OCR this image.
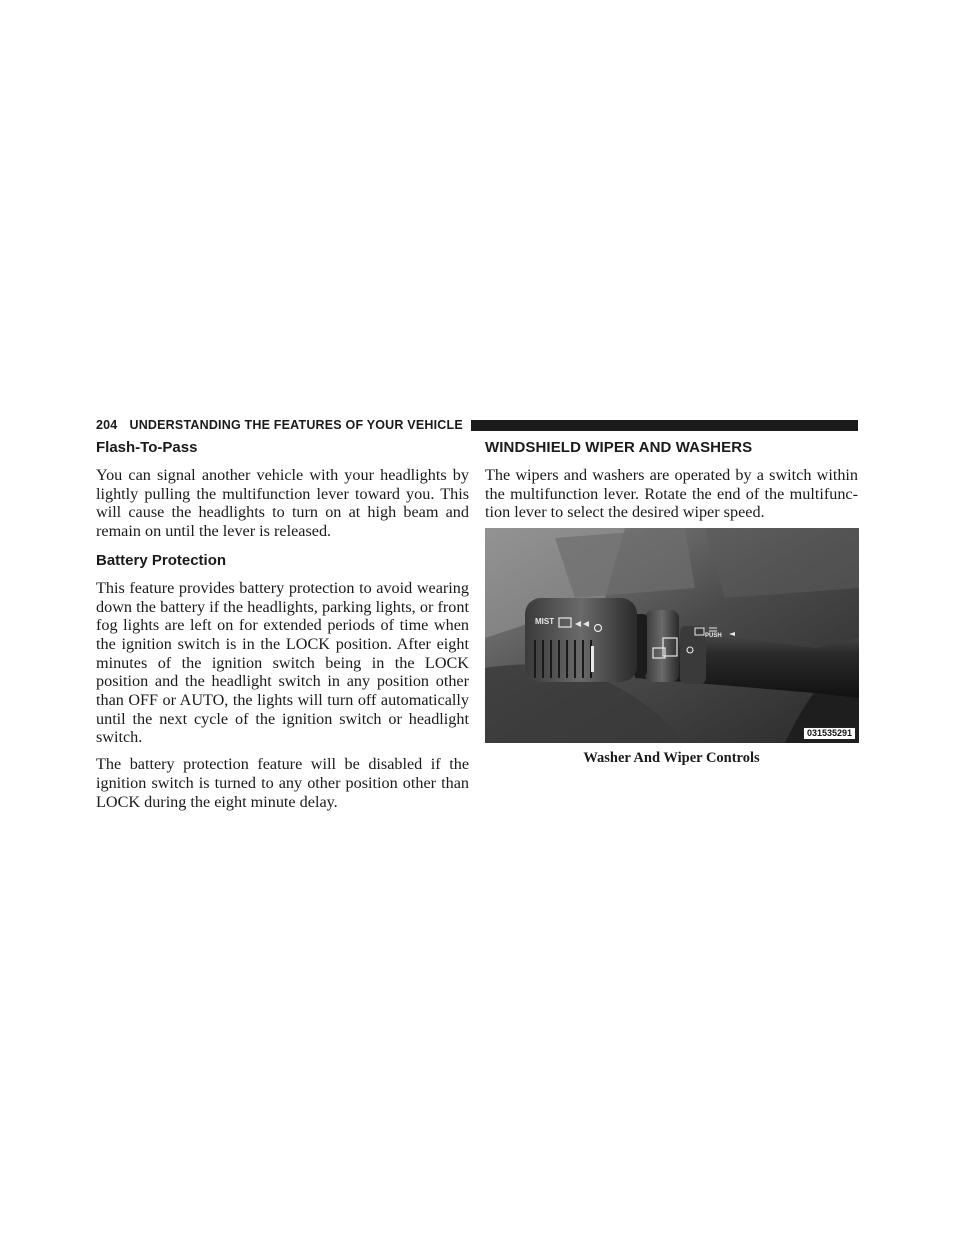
204 UNDERSTANDING THE FEATURES OF YOUR VEHICLE
Flash-To-Pass

You can signal another vehicle with your headlights by lightly pulling the multifunction lever toward you. This will cause the headlights to turn on at high beam and remain on until the lever is released.

Battery Protection

This feature provides battery protection to avoid wearing down the battery if the headlights, parking lights, or front fog lights are left on for extended periods of time when the ignition switch is in the LOCK position. After eight minutes of the ignition switch being in the LOCK position and the headlight switch in any position other than OFF or AUTO, the lights will turn off automatically until the next cycle of the ignition switch or headlight switch.

The battery protection feature will be disabled if the ignition switch is turned to any other position other than LOCK during the eight minute delay.

WINDSHIELD WIPER AND WASHERS

The wipers and washers are operated by a switch within the multifunction lever. Rotate the end of the multifunction lever to select the desired wiper speed.

MIST
PUSH
031535291
Washer And Wiper Controls
